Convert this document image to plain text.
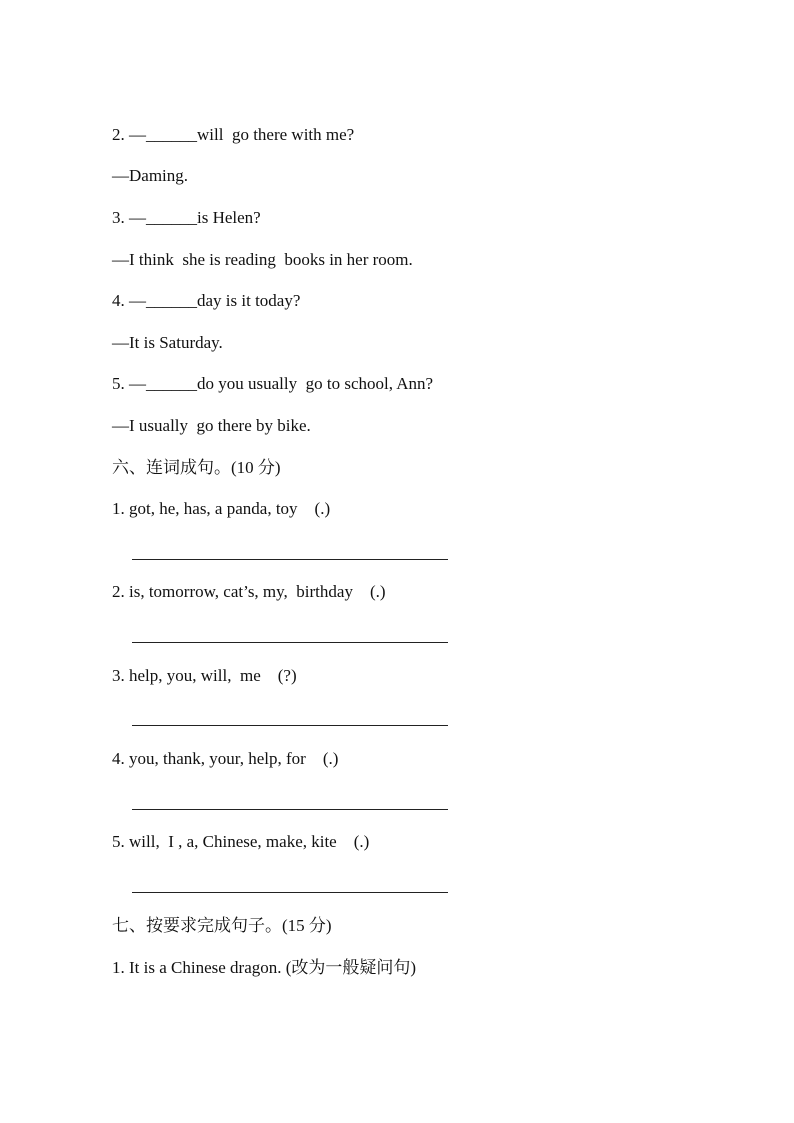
2. —______will  go there with me?
—Daming.
3. —______is Helen?
—I think  she is reading  books in her room.
4. —______day is it today?
—It is Saturday.
5. —______do you usually  go to school, Ann?
—I usually  go there by bike.
六、连词成句。(10 分)
1. got, he, has, a panda, toy    (.)
2. is, tomorrow, cat’s, my,  birthday    (.)
3. help, you, will,  me    (?)
4. you, thank, your, help, for    (.)
5. will,  I , a, Chinese, make, kite    (.)
七、按要求完成句子。(15 分)
1. It is a Chinese dragon. (改为一般疑问句)
